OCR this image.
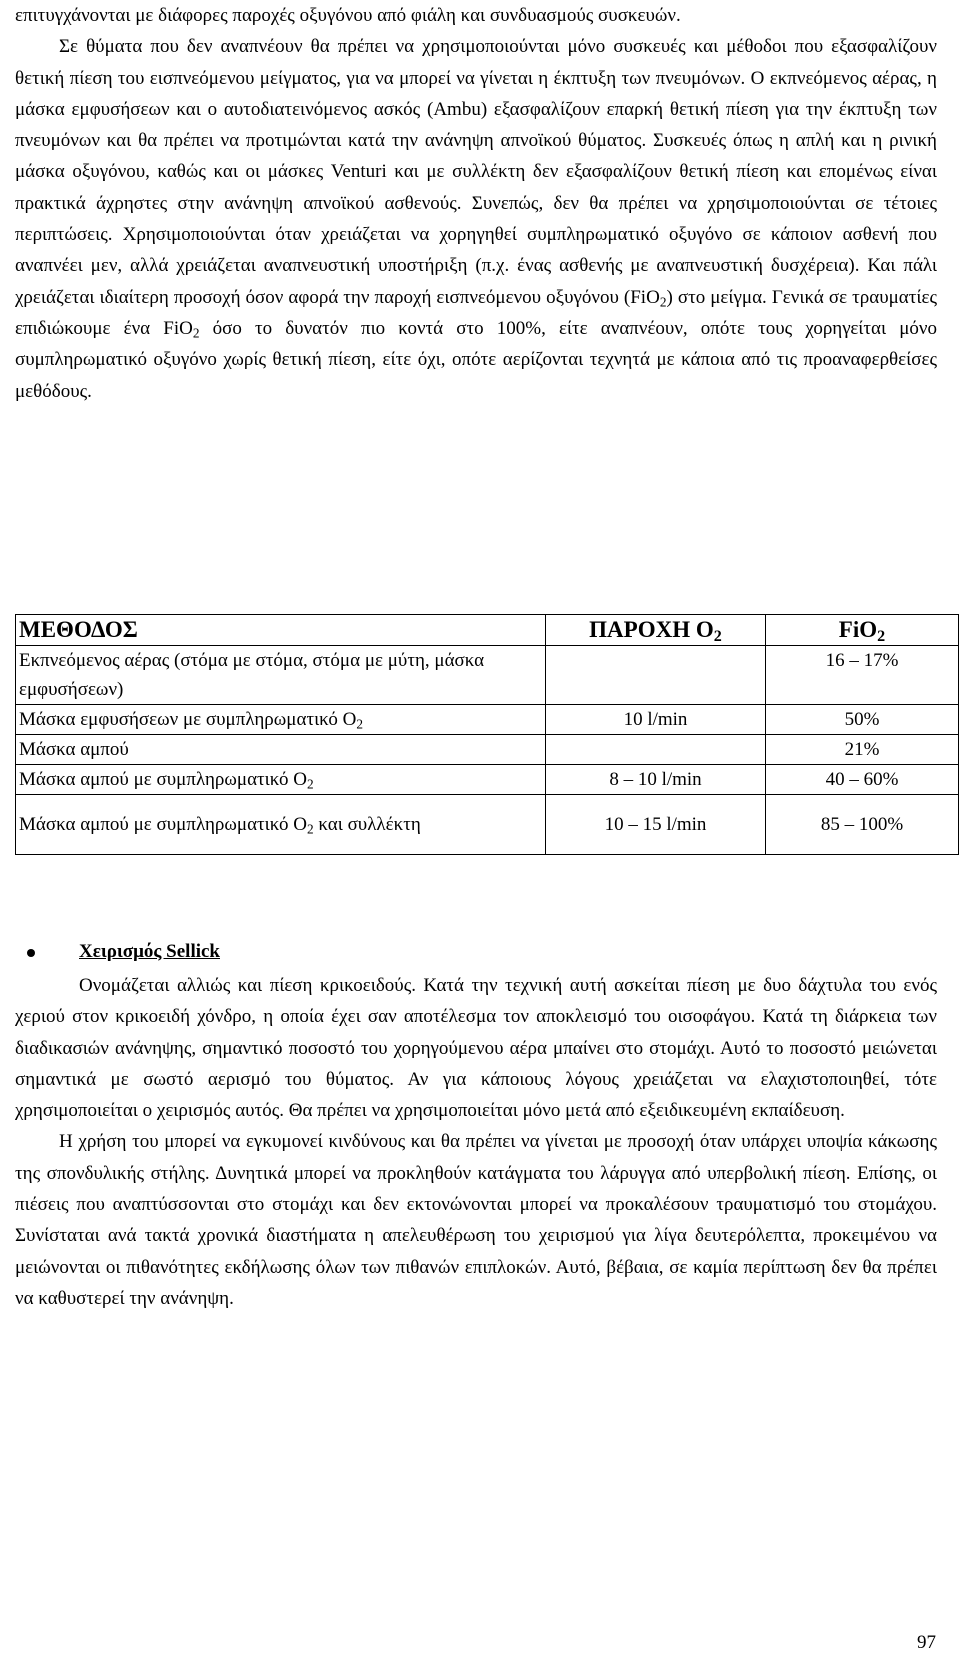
επιτυγχάνονται με διάφορες παροχές οξυγόνου από φιάλη και συνδυασμούς συσκευών.

Σε θύματα που δεν αναπνέουν θα πρέπει να χρησιμοποιούνται μόνο συσκευές και μέθοδοι που εξασφαλίζουν θετική πίεση του εισπνεόμενου μείγματος, για να μπορεί να γίνεται η έκπτυξη των πνευμόνων. Ο εκπνεόμενος αέρας, η μάσκα εμφυσήσεων και ο αυτοδιατεινόμενος ασκός (Ambu) εξασφαλίζουν επαρκή θετική πίεση για την έκπτυξη των πνευμόνων και θα πρέπει να προτιμώνται κατά την ανάνηψη απνοϊκού θύματος. Συσκευές όπως η απλή και η ρινική μάσκα οξυγόνου, καθώς και οι μάσκες Venturi και με συλλέκτη δεν εξασφαλίζουν θετική πίεση και επομένως είναι πρακτικά άχρηστες στην ανάνηψη απνοϊκού ασθενούς. Συνεπώς, δεν θα πρέπει να χρησιμοποιούνται σε τέτοιες περιπτώσεις. Χρησιμοποιούνται όταν χρειάζεται να χορηγηθεί συμπληρωματικό οξυγόνο σε κάποιον ασθενή που αναπνέει μεν, αλλά χρειάζεται αναπνευστική υποστήριξη (π.χ. ένας ασθενής με αναπνευστική δυσχέρεια). Και πάλι χρειάζεται ιδιαίτερη προσοχή όσον αφορά την παροχή εισπνεόμενου οξυγόνου (FiO$_2$) στο μείγμα. Γενικά σε τραυματίες επιδιώκουμε ένα FiO$_2$ όσο το δυνατόν πιο κοντά στο 100%, είτε αναπνέουν, οπότε τους χορηγείται μόνο συμπληρωματικό οξυγόνο χωρίς θετική πίεση, είτε όχι, οπότε αερίζονται τεχνητά με κάποια από τις προαναφερθείσες μεθόδους.

ΜΕΘΟΔΟΣ	ΠΑΡΟΧΗ $O_2$	FiO$_2$
Εκπνεόμενος αέρας (στόμα με στόμα, στόμα με μύτη, μάσκα εμφυσήσεων)		16 – 17%
Μάσκα εμφυσήσεων με συμπληρωματικό $O_2$	10 l/min	50%
Μάσκα αμπού		21%
Μάσκα αμπού με συμπληρωματικό $O_2$	8 – 10 l/min	40 – 60%
Μάσκα αμπού με συμπληρωματικό $O_2$ και συλλέκτη	10 – 15 l/min	85 – 100%
Χειρισμός Sellick

Ονομάζεται αλλιώς και πίεση κρικοειδούς. Κατά την τεχνική αυτή ασκείται πίεση με δυο δάχτυλα του ενός χεριού στον κρικοειδή χόνδρο, η οποία έχει σαν αποτέλεσμα τον αποκλεισμό του οισοφάγου. Κατά τη διάρκεια των διαδικασιών ανάνηψης, σημαντικό ποσοστό του χορηγούμενου αέρα μπαίνει στο στομάχι. Αυτό το ποσοστό μειώνεται σημαντικά με σωστό αερισμό του θύματος. Αν για κάποιους λόγους χρειάζεται να ελαχιστοποιηθεί, τότε χρησιμοποιείται ο χειρισμός αυτός. Θα πρέπει να χρησιμοποιείται μόνο μετά από εξειδικευμένη εκπαίδευση.

Η χρήση του μπορεί να εγκυμονεί κινδύνους και θα πρέπει να γίνεται με προσοχή όταν υπάρχει υποψία κάκωσης της σπονδυλικής στήλης. Δυνητικά μπορεί να προκληθούν κατάγματα του λάρυγγα από υπερβολική πίεση. Επίσης, οι πιέσεις που αναπτύσσονται στο στομάχι και δεν εκτονώνονται μπορεί να προκαλέσουν τραυματισμό του στομάχου. Συνίσταται ανά τακτά χρονικά διαστήματα η απελευθέρωση του χειρισμού για λίγα δευτερόλεπτα, προκειμένου να μειώνονται οι πιθανότητες εκδήλωσης όλων των πιθανών επιπλοκών. Αυτό, βέβαια, σε καμία περίπτωση δεν θα πρέπει να καθυστερεί την ανάνηψη.

97
